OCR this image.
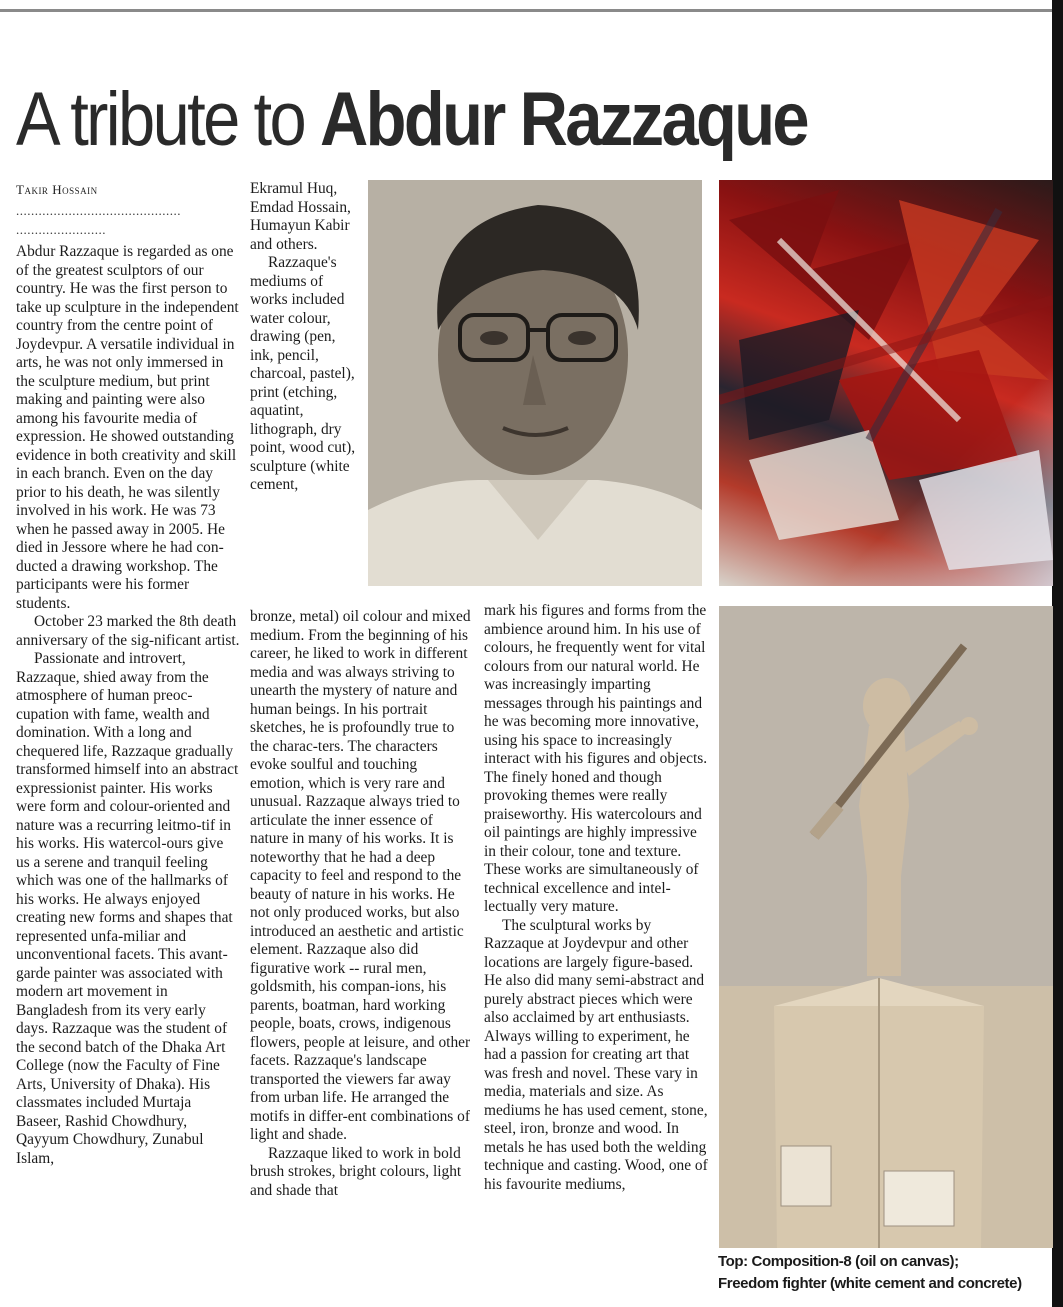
A tribute to Abdur Razzaque
Takir Hossain
............................................
........................

Abdur Razzaque is regarded as one of the greatest sculptors of our country. He was the first person to take up sculpture in the independent country from the centre point of Joydevpur. A versatile individual in arts, he was not only immersed in the sculpture medium, but print making and painting were also among his favourite media of expression. He showed outstanding evidence in both creativity and skill in each branch. Even on the day prior to his death, he was silently involved in his work. He was 73 when he passed away in 2005. He died in Jessore where he had con-ducted a drawing workshop. The participants were his former students.

October 23 marked the 8th death anniversary of the sig-nificant artist.

Passionate and introvert, Razzaque, shied away from the atmosphere of human preoc-cupation with fame, wealth and domination. With a long and chequered life, Razzaque gradually transformed himself into an abstract expressionist painter. His works were form and colour-oriented and nature was a recurring leitmo-tif in his works. His watercol-ours give us a serene and tranquil feeling which was one of the hallmarks of his works. He always enjoyed creating new forms and shapes that represented unfa-miliar and unconventional facets. This avant-garde painter was associated with modern art movement in Bangladesh from its very early days. Razzaque was the student of the second batch of the Dhaka Art College (now the Faculty of Fine Arts, University of Dhaka). His classmates included Murtaja Baseer, Rashid Chowdhury, Qayyum Chowdhury, Zunabul Islam,

Ekramul Huq, Emdad Hossain, Humayun Kabir and others.

Razzaque's mediums of works included water colour, drawing (pen, ink, pencil, charcoal, pastel), print (etching, aquatint, lithograph, dry point, wood cut), sculpture (white cement,

bronze, metal) oil colour and mixed medium. From the beginning of his career, he liked to work in different media and was always striving to unearth the mystery of nature and human beings. In his portrait sketches, he is profoundly true to the charac-ters. The characters evoke soulful and touching emotion, which is very rare and unusual. Razzaque always tried to articulate the inner essence of nature in many of his works. It is noteworthy that he had a deep capacity to feel and respond to the beauty of nature in his works. He not only produced works, but also introduced an aesthetic and artistic element. Razzaque also did figurative work -- rural men, goldsmith, his compan-ions, his parents, boatman, hard working people, boats, crows, indigenous flowers, people at leisure, and other facets. Razzaque's landscape transported the viewers far away from urban life. He arranged the motifs in differ-ent combinations of light and shade.

Razzaque liked to work in bold brush strokes, bright colours, light and shade that

mark his figures and forms from the ambience around him. In his use of colours, he frequently went for vital colours from our natural world. He was increasingly imparting messages through his paintings and he was becoming more innovative, using his space to increasingly interact with his figures and objects. The finely honed and though provoking themes were really praiseworthy. His watercolours and oil paintings are highly impressive in their colour, tone and texture. These works are simultaneously of technical excellence and intel-lectually very mature.

The sculptural works by Razzaque at Joydevpur and other locations are largely figure-based. He also did many semi-abstract and purely abstract pieces which were also acclaimed by art enthusiasts. Always willing to experiment, he had a passion for creating art that was fresh and novel. These vary in media, materials and size. As mediums he has used cement, stone, steel, iron, bronze and wood. In metals he has used both the welding technique and casting. Wood, one of his favourite mediums,

Top: Composition-8 (oil on canvas);
Freedom fighter (white cement and concrete)
